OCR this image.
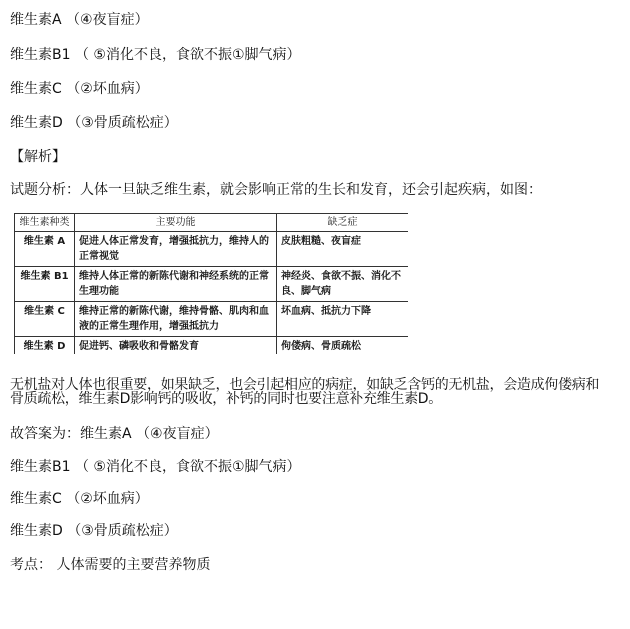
维生素A （④夜盲症）
维生素B1 （ ⑤消化不良，食欲不振①脚气病）
维生素C （②坏血病）
维生素D （③骨质疏松症）
【解析】
试题分析：人体一旦缺乏维生素，就会影响正常的生长和发育，还会引起疾病，如图：
维生素种类	主要功能	缺乏症
维生素 A	促进人体正常发育，增强抵抗力，维持人的正常视觉	皮肤粗糙、夜盲症
维生素 B1	维持人体正常的新陈代谢和神经系统的正常生理功能	神经炎、食欲不振、消化不良、脚气病
维生素 C	维持正常的新陈代谢，维持骨骼、肌肉和血液的正常生理作用，增强抵抗力	坏血病、抵抗力下降
维生素 D	促进钙、磷吸收和骨骼发育	佝偻病、骨质疏松
无机盐对人体也很重要，如果缺乏，也会引起相应的病症，如缺乏含钙的无机盐，会造成佝偻病和
骨质疏松，维生素D影响钙的吸收，补钙的同时也要注意补充维生素D。
故答案为：维生素A （④夜盲症）
维生素B1 （ ⑤消化不良，食欲不振①脚气病）
维生素C （②坏血病）
维生素D （③骨质疏松症）
考点： 人体需要的主要营养物质
